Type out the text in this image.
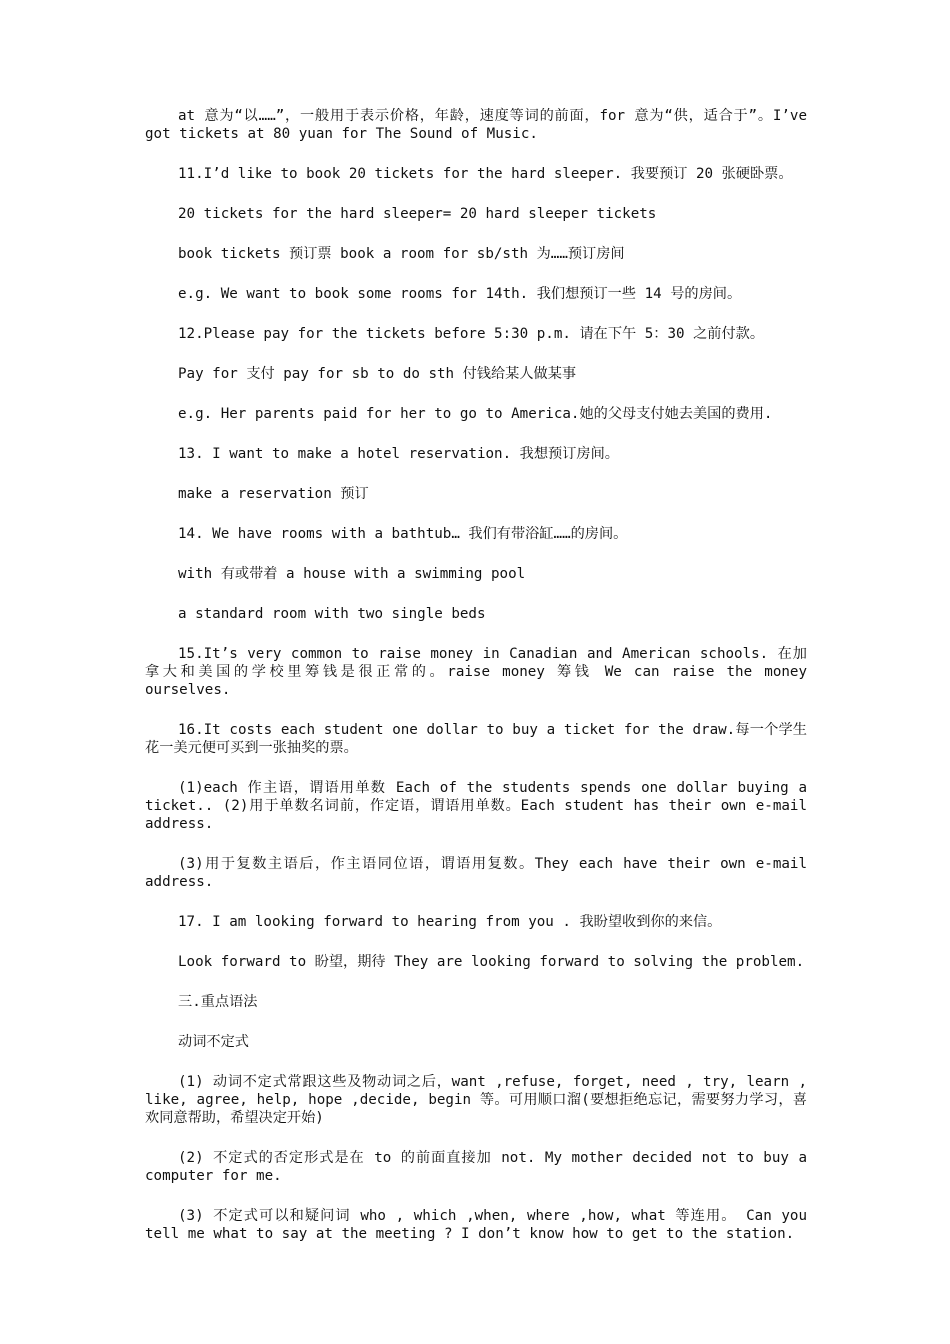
at 意为“以……”，一般用于表示价格，年龄，速度等词的前面，for 意为“供，适合于”。I’ve got tickets at 80 yuan for The Sound of Music.

11.I’d like to book 20 tickets for the hard sleeper. 我要预订 20 张硬卧票。

20 tickets for the hard sleeper= 20 hard sleeper tickets

book tickets 预订票 book a room for sb/sth 为……预订房间

e.g. We want to book some rooms for 14th. 我们想预订一些 14 号的房间。

12.Please pay for the tickets before 5:30 p.m. 请在下午 5：30 之前付款。

Pay for 支付 pay for sb to do sth 付钱给某人做某事

e.g. Her parents paid for her to go to America.她的父母支付她去美国的费用.

13. I want to make a hotel reservation. 我想预订房间。

make a reservation 预订

14. We have rooms with a bathtub… 我们有带浴缸……的房间。

with 有或带着 a house with a swimming pool

a standard room with two single beds

15.It’s very common to raise money in Canadian and American schools. 在加拿大和美国的学校里筹钱是很正常的。raise money 筹钱 We can raise the money ourselves.

16.It costs each student one dollar to buy a ticket for the draw.每一个学生花一美元便可买到一张抽奖的票。

(1)each 作主语，谓语用单数 Each of the students spends one dollar buying a ticket.. (2)用于单数名词前，作定语，谓语用单数。Each student has their own e-mail address.

(3)用于复数主语后，作主语同位语，谓语用复数。They each have their own e-mail address.

17. I am looking forward to hearing from you . 我盼望收到你的来信。

Look forward to 盼望，期待 They are looking forward to solving the problem.

三.重点语法

动词不定式

(1) 动词不定式常跟这些及物动词之后，want ,refuse, forget, need , try, learn , like, agree, help, hope ,decide, begin 等。可用顺口溜(要想拒绝忘记，需要努力学习，喜欢同意帮助，希望决定开始)

(2) 不定式的否定形式是在 to 的前面直接加 not. My mother decided not to buy a computer for me.

(3) 不定式可以和疑问词 who , which ,when, where ,how, what 等连用。 Can you tell me what to say at the meeting ? I don’t know how to get to the station.
